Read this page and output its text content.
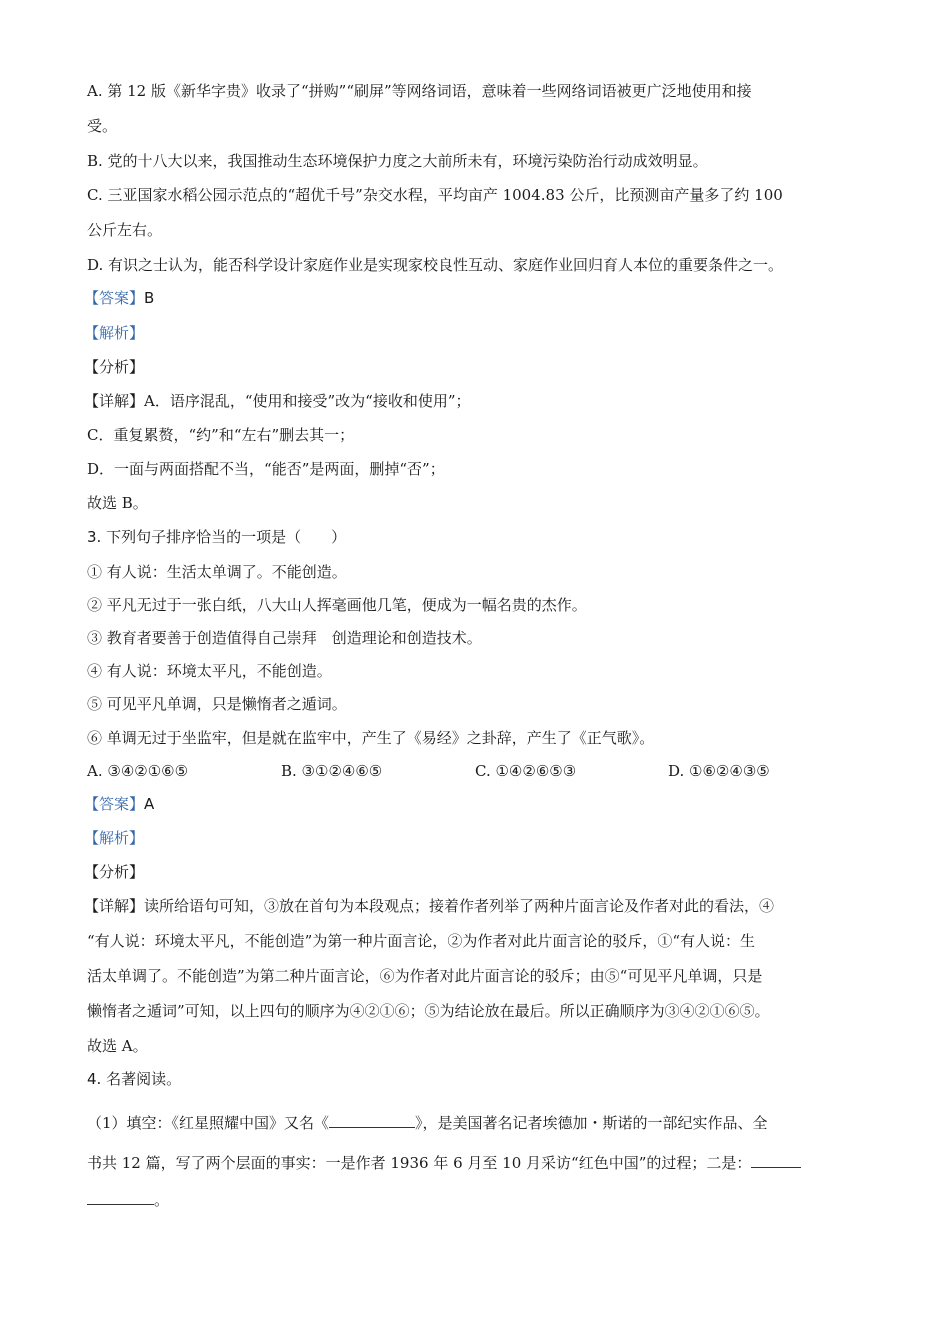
A. 第 12 版《新华字贵》收录了“拼购”“刷屏”等网络词语，意味着一些网络词语被更广泛地使用和接
受。
B. 党的十八大以来，我国推动生态环境保护力度之大前所未有，环境污染防治行动成效明显。
C. 三亚国家水稻公园示范点的“超优千号”杂交水程，平均亩产 1004.83 公斤，比预测亩产量多了约 100
公斤左右。
D. 有识之士认为，能否科学设计家庭作业是实现家校良性互动、家庭作业回归育人本位的重要条件之一。
【答案】B
【解析】
【分析】
【详解】A．语序混乱，“使用和接受”改为“接收和使用”；
C．重复累赘，“约”和“左右”删去其一；
D．一面与两面搭配不当，“能否”是两面，删掉“否”；
故选 B。
3. 下列句子排序恰当的一项是（　　）
① 有人说：生活太单调了。不能创造。
② 平凡无过于一张白纸，八大山人挥毫画他几笔，便成为一幅名贵的杰作。
③ 教育者要善于创造值得自己崇拜　创造理论和创造技术。
④ 有人说：环境太平凡，不能创造。
⑤ 可见平凡单调，只是懒惰者之遁词。
⑥ 单调无过于坐监牢，但是就在监牢中，产生了《易经》之卦辞，产生了《正气歌》。
A. ③④②①⑥⑤	B. ③①②④⑥⑤	C. ①④②⑥⑤③	D. ①⑥②④③⑤
【答案】A
【解析】
【分析】
【详解】读所给语句可知，③放在首句为本段观点；接着作者列举了两种片面言论及作者对此的看法，④
“有人说：环境太平凡，不能创造”为第一种片面言论，②为作者对此片面言论的驳斥，①“有人说：生
活太单调了。不能创造”为第二种片面言论，⑥为作者对此片面言论的驳斥；由⑤“可见平凡单调，只是
懒惰者之遁词”可知，以上四句的顺序为④②①⑥；⑤为结论放在最后。所以正确顺序为③④②①⑥⑤。
故选 A。
4. 名著阅读。
（1）填空：《红星照耀中国》又名《	》，是美国著名记者埃德加・斯诺的一部纪实作品、全
书共 12 篇，写了两个层面的事实：一是作者 1936 年 6 月至 10 月采访“红色中国”的过程；二是：
。
